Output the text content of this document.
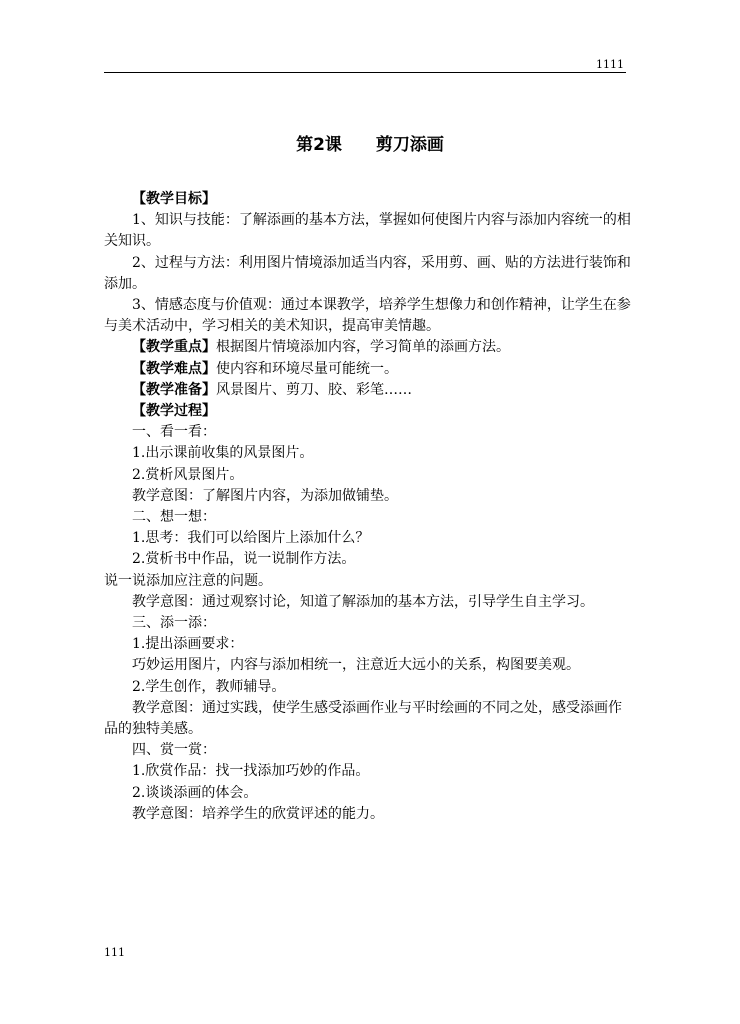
1111
第2课 剪刀添画

【教学目标】

1、知识与技能：了解添画的基本方法，掌握如何使图片内容与添加内容统一的相关知识。

2、过程与方法：利用图片情境添加适当内容，采用剪、画、贴的方法进行装饰和添加。

3、情感态度与价值观：通过本课教学，培养学生想像力和创作精神，让学生在参与美术活动中，学习相关的美术知识，提高审美情趣。

【教学重点】根据图片情境添加内容，学习简单的添画方法。

【教学难点】使内容和环境尽量可能统一。

【教学准备】风景图片、剪刀、胶、彩笔……

【教学过程】

一、看一看：

1.出示课前收集的风景图片。

2.赏析风景图片。

教学意图：了解图片内容，为添加做铺垫。

二、想一想：

1.思考：我们可以给图片上添加什么？

2.赏析书中作品，说一说制作方法。

说一说添加应注意的问题。

教学意图：通过观察讨论，知道了解添加的基本方法，引导学生自主学习。

三、添一添：

1.提出添画要求：

巧妙运用图片，内容与添加相统一，注意近大远小的关系，构图要美观。

2.学生创作，教师辅导。

教学意图：通过实践，使学生感受添画作业与平时绘画的不同之处，感受添画作品的独特美感。

四、赏一赏：

1.欣赏作品：找一找添加巧妙的作品。

2.谈谈添画的体会。

教学意图：培养学生的欣赏评述的能力。

111
